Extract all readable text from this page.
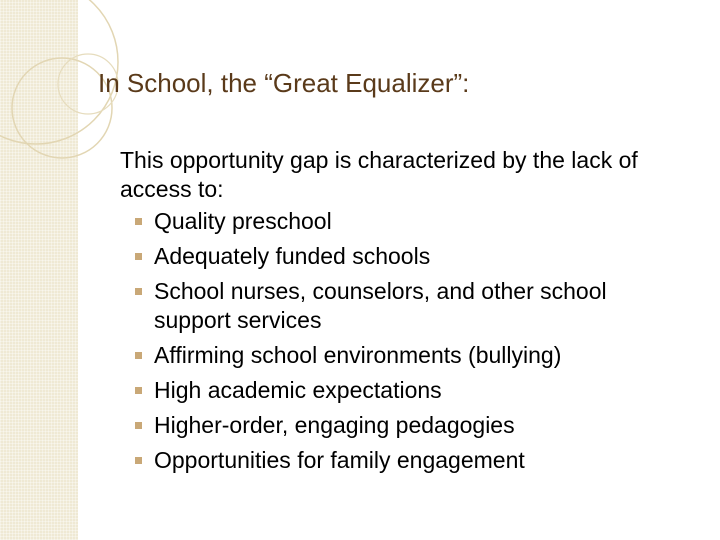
In School, the “Great Equalizer”:

This opportunity gap is characterized by the lack of access to:

Quality preschool
Adequately funded schools
School nurses, counselors, and other school support services
Affirming school environments (bullying)
High academic expectations
Higher-order, engaging pedagogies
Opportunities for family engagement
